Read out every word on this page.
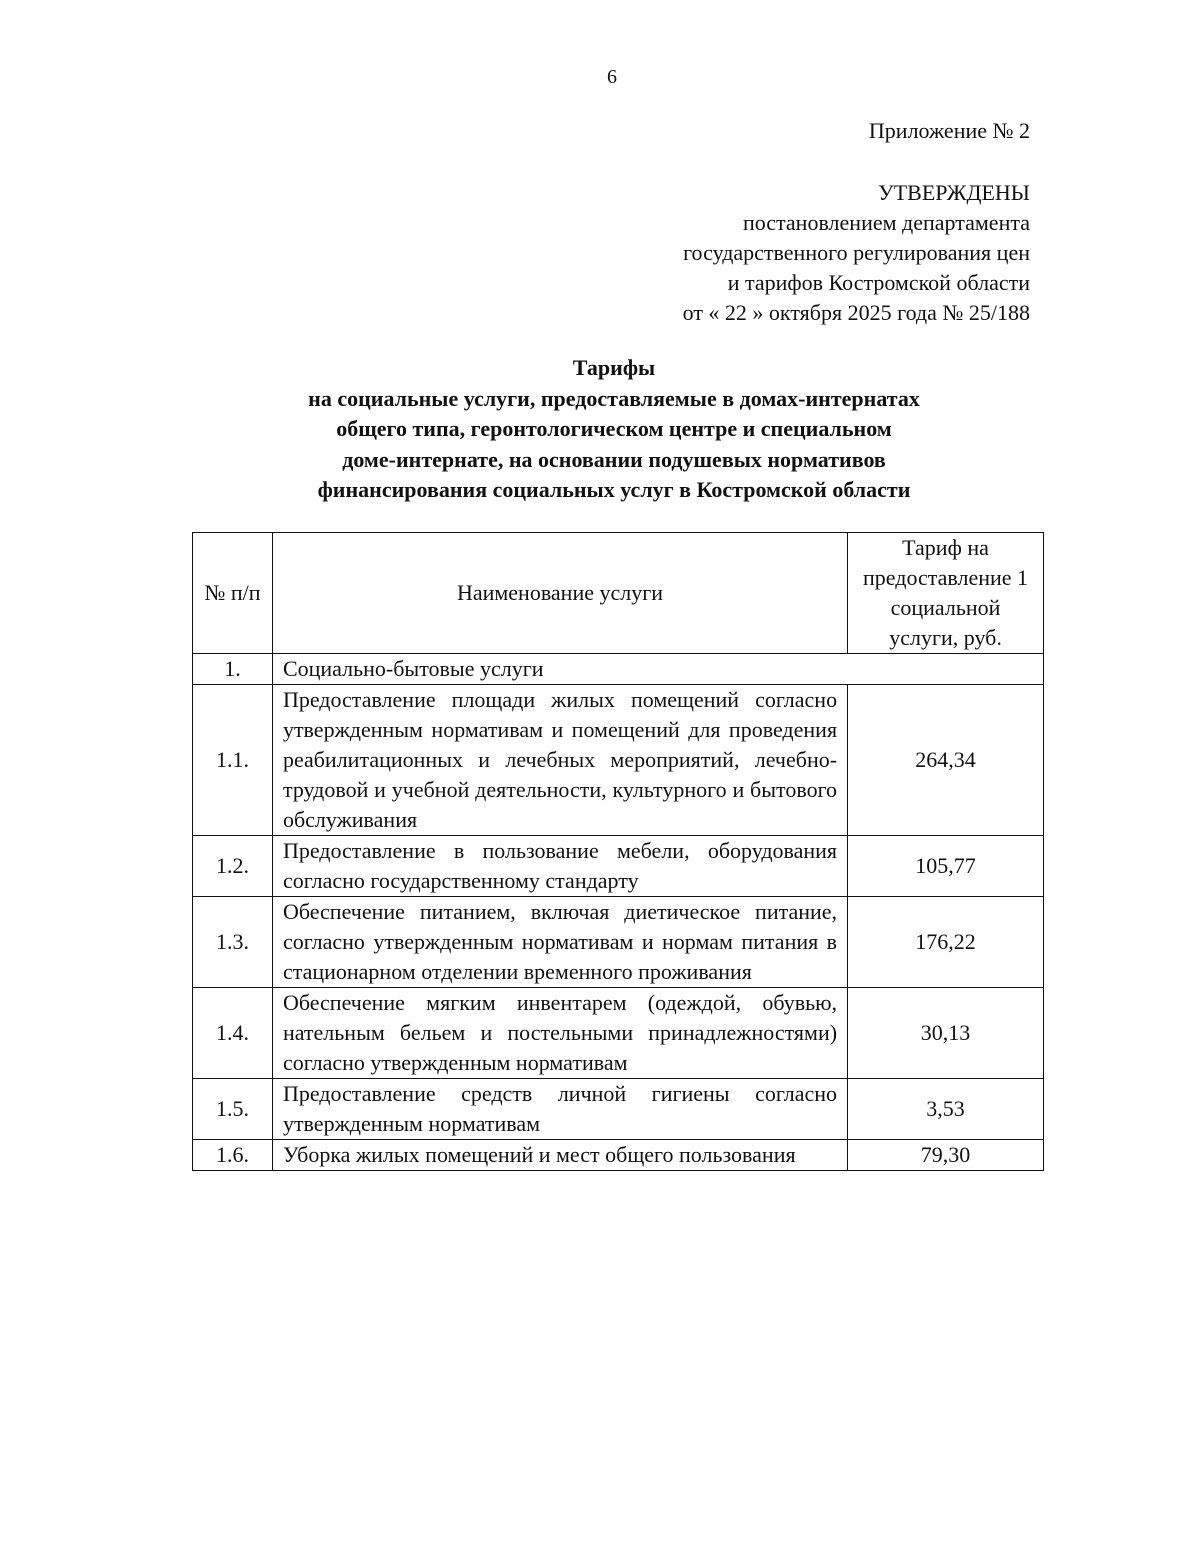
6
Приложение № 2
УТВЕРЖДЕНЫ
постановлением департамента
государственного регулирования цен
и тарифов Костромской области
от « 22 » октября 2025 года № 25/188
Тарифы
на социальные услуги, предоставляемые в домах-интернатах
общего типа, геронтологическом центре и специальном
доме-интернате, на основании подушевых нормативов
финансирования социальных услуг в Костромской области
№ п/п	Наименование услуги	Тариф на предоставление 1 социальной услуги, руб.
1.	Социально-бытовые услуги	
1.1.	Предоставление площади жилых помещений согласно утвержденным нормативам и помещений для проведения реабилитационных и лечебных мероприятий, лечебно-трудовой и учебной деятельности, культурного и бытового обслуживания	264,34
1.2.	Предоставление в пользование мебели, оборудования согласно государственному стандарту	105,77
1.3.	Обеспечение питанием, включая диетическое питание, согласно утвержденным нормативам и нормам питания в стационарном отделении временного проживания	176,22
1.4.	Обеспечение мягким инвентарем (одеждой, обувью, нательным бельем и постельными принадлежностями) согласно утвержденным нормативам	30,13
1.5.	Предоставление средств личной гигиены согласно утвержденным нормативам	3,53
1.6.	Уборка жилых помещений и мест общего пользования	79,30
